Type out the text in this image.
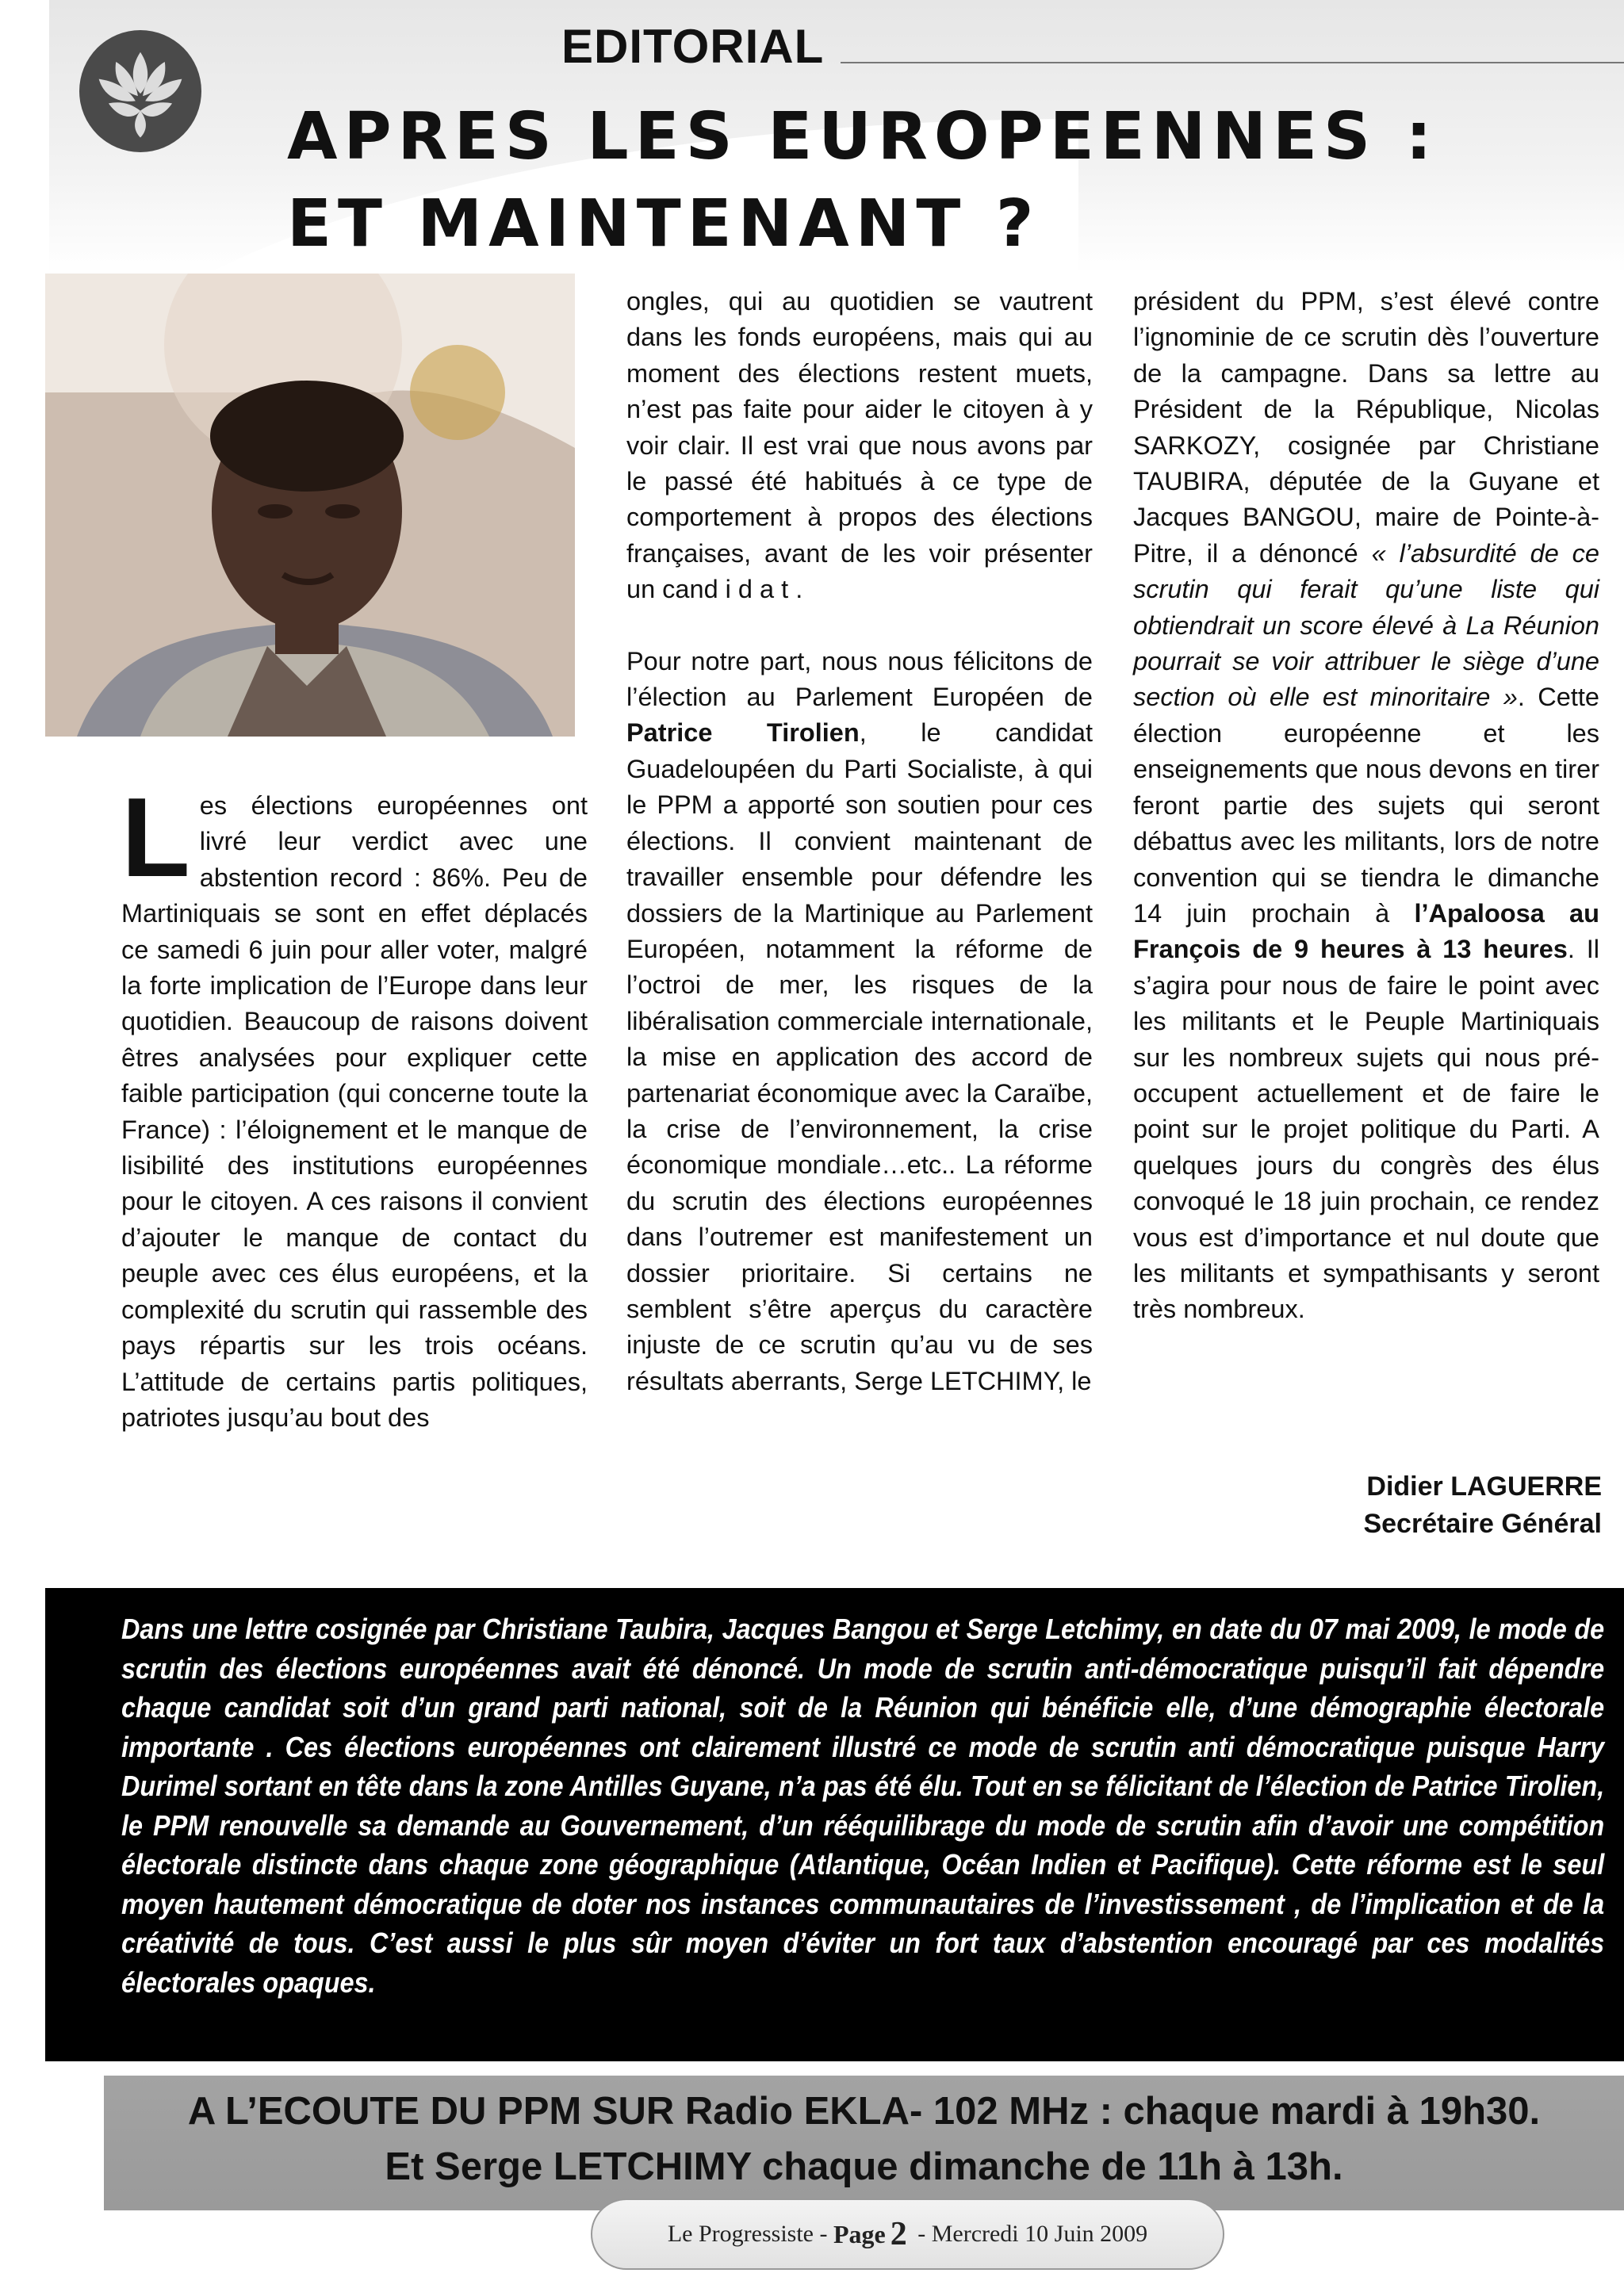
EDITORIAL
APRES LES EUROPEENNES :
ET MAINTENANT ?
L es élections européennes ont livré leur verdict avec une abstention record : 86%. Peu de Martiniquais se sont en effet déplacés ce samedi 6 juin pour aller voter, malgré la forte implication de l’Europe dans leur quotidien. Beaucoup de raisons doivent êtres analysées pour expliquer cette faible participation (qui concerne toute la France) : l’éloignement et le manque de lisibilité des institutions européennes pour le citoyen. A ces raisons il convient d’ajouter le manque de contact du peuple avec ces élus européens, et la complexité du scrutin qui rassemble des pays répartis sur les trois océans. L’attitude de certains partis politiques, patriotes jusqu’au bout des

ongles, qui au quotidien se vautrent dans les fonds européens, mais qui au moment des élections restent muets, n’est pas faite pour aider le citoyen à y voir clair. Il est vrai que nous avons par le passé été habitués à ce type de comportement à propos des élections françaises, avant de les voir présenter un cand i d a t .

Pour notre part, nous nous félicitons de l’élection au Parlement Européen de Patrice Tirolien, le candidat Guadeloupéen du Parti Socialiste, à qui le PPM a apporté son soutien pour ces élections. Il convient maintenant de travailler ensemble pour défendre les dossiers de la Martinique au Parlement Européen, notamment la réforme de l’octroi de mer, les risques de la libéralisation commerciale internationale, la mise en application des accord de partenariat économique avec la Caraïbe, la crise de l’environnement, la crise économique mondiale…etc.. La réforme du scrutin des élections européennes dans l’outremer est manifestement un dossier prioritaire. Si certains ne semblent s’être aperçus du caractère injuste de ce scrutin qu’au vu de ses résultats aberrants, Serge LETCHIMY, le

président du PPM, s’est élevé contre l’ignominie de ce scrutin dès l’ouverture de la campagne. Dans sa lettre au Président de la République, Nicolas SARKOZY, cosignée par Christiane TAUBIRA, députée de la Guyane et Jacques BANGOU, maire de Pointe-à-Pitre, il a dénoncé « l’absurdité de ce scrutin qui ferait qu’une liste qui obtiendrait un score élevé à La Réunion pourrait se voir attribuer le siège d’une section où elle est minoritaire ». Cette élection européenne et les enseignements que nous devons en tirer feront partie des sujets qui seront débattus avec les militants, lors de notre convention qui se tiendra le dimanche 14 juin prochain à l’Apaloosa au François de 9 heures à 13 heures. Il s’agira pour nous de faire le point avec les militants et le Peuple Martiniquais sur les nombreux sujets qui nous préoccupent actuellement et de faire le point sur le projet politique du Parti. A quelques jours du congrès des élus convoqué le 18 juin prochain, ce rendez vous est d’importance et nul doute que les militants et sympathisants y seront très nombreux.

Didier LAGUERRE
Secrétaire Général
Dans une lettre cosignée par Christiane Taubira, Jacques Bangou et Serge Letchimy, en date du 07 mai 2009, le mode de scrutin des élections européennes avait été dénoncé. Un mode de scrutin anti-démocratique puisqu’il fait dépendre chaque candidat soit d’un grand parti national, soit de la Réunion qui bénéficie elle, d’une démographie électorale importante . Ces élections européennes ont clairement illustré ce mode de scrutin anti démocratique puisque Harry Durimel sortant en tête dans la zone Antilles Guyane, n’a pas été élu. Tout en se félicitant de l’élection de Patrice Tirolien, le PPM renouvelle sa demande au Gouvernement, d’un rééquilibrage du mode de scrutin afin d’avoir une compétition électorale distincte dans chaque zone géographique (Atlantique, Océan Indien et Pacifique). Cette réforme est le seul moyen hautement démocratique de doter nos instances communautaires de l’investissement , de l’implication et de la créativité de tous. C’est aussi le plus sûr moyen d’éviter un fort taux d’abstention encouragé par ces modalités électorales opaques.
A L’ECOUTE DU PPM SUR Radio EKLA- 102 MHz : chaque mardi à 19h30.
Et Serge LETCHIMY chaque dimanche de 11h à 13h.
Le Progressiste - Page 2 - Mercredi 10 Juin 2009
